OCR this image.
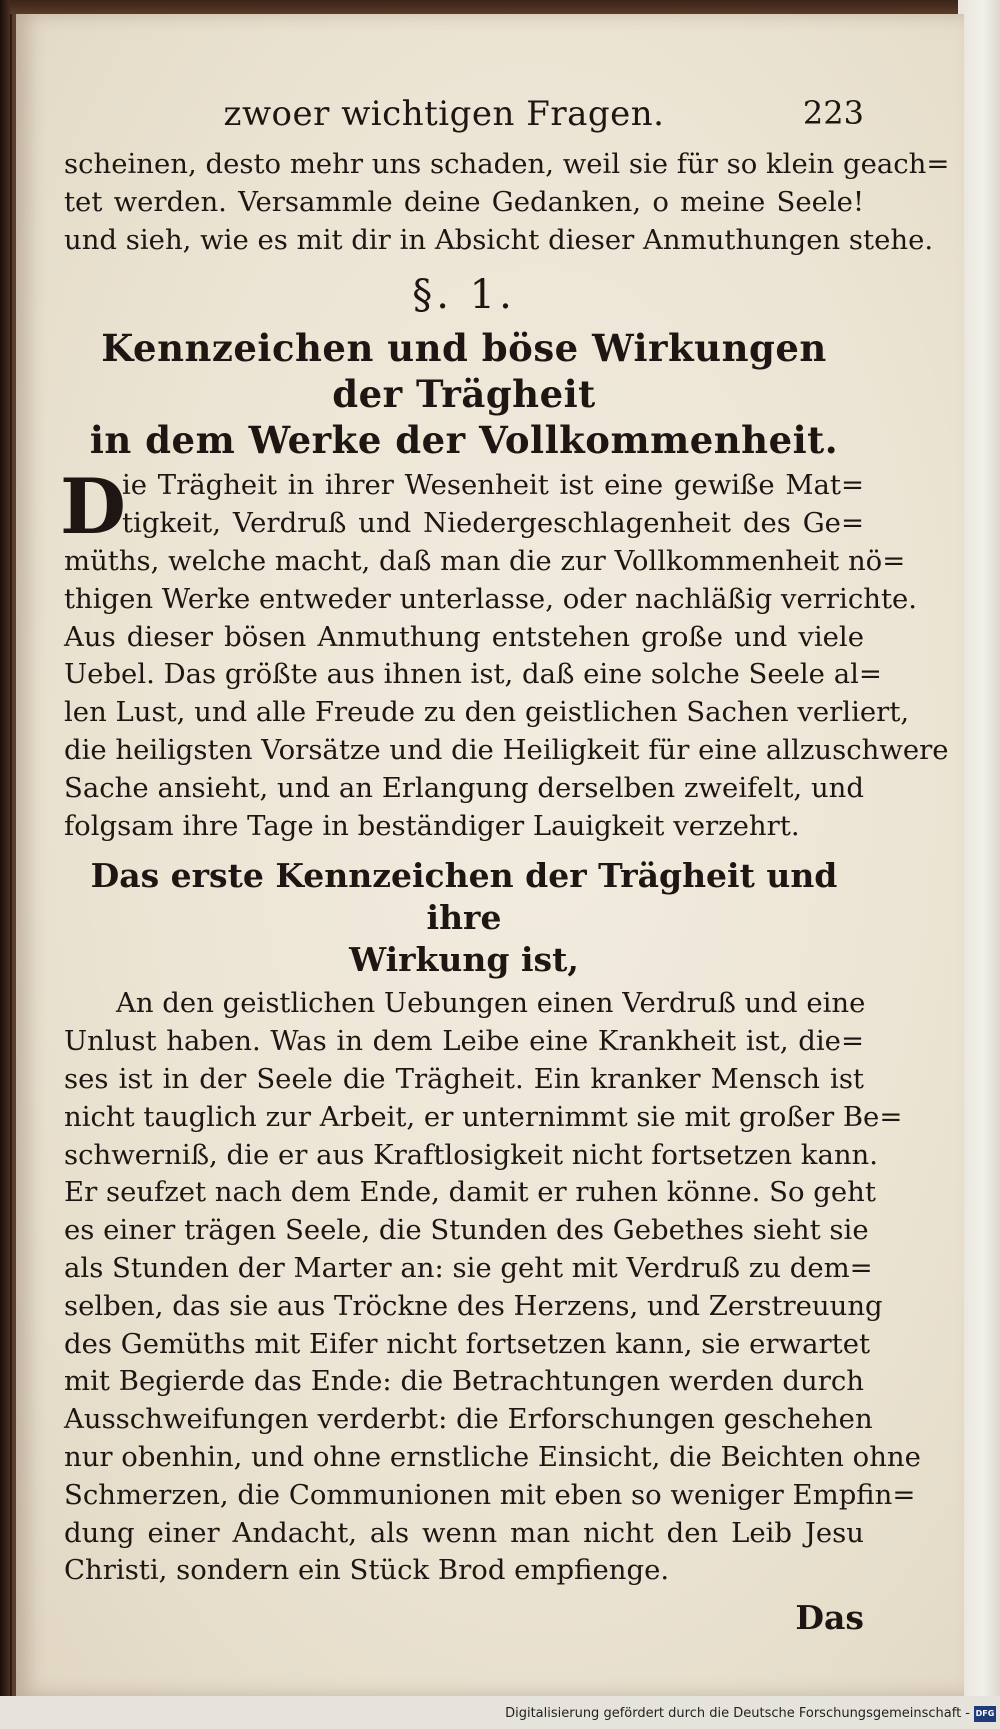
zwoer wichtigen Fragen.	223
scheinen, desto mehr uns schaden, weil sie für so klein geach=
tet werden. Versammle deine Gedanken, o meine Seele!
und sieh, wie es mit dir in Absicht dieser Anmuthungen stehe.
§. 1.
Kennzeichen und böse Wirkungen der Trägheit
in dem Werke der Vollkommenheit.
D
ie Trägheit in ihrer Wesenheit ist eine gewiße Mat=
tigkeit, Verdruß und Niedergeschlagenheit des Ge=
müths, welche macht, daß man die zur Vollkommenheit nö=
thigen Werke entweder unterlasse, oder nachläßig verrichte.
Aus dieser bösen Anmuthung entstehen große und viele
Uebel. Das größte aus ihnen ist, daß eine solche Seele al=
len Lust, und alle Freude zu den geistlichen Sachen verliert,
die heiligsten Vorsätze und die Heiligkeit für eine allzuschwere
Sache ansieht, und an Erlangung derselben zweifelt, und
folgsam ihre Tage in beständiger Lauigkeit verzehrt.
Das erste Kennzeichen der Trägheit und ihre
Wirkung ist,
An den geistlichen Uebungen einen Verdruß und eine
Unlust haben. Was in dem Leibe eine Krankheit ist, die=
ses ist in der Seele die Trägheit. Ein kranker Mensch ist
nicht tauglich zur Arbeit, er unternimmt sie mit großer Be=
schwerniß, die er aus Kraftlosigkeit nicht fortsetzen kann.
Er seufzet nach dem Ende, damit er ruhen könne. So geht
es einer trägen Seele, die Stunden des Gebethes sieht sie
als Stunden der Marter an: sie geht mit Verdruß zu dem=
selben, das sie aus Tröckne des Herzens, und Zerstreuung
des Gemüths mit Eifer nicht fortsetzen kann, sie erwartet
mit Begierde das Ende: die Betrachtungen werden durch
Ausschweifungen verderbt: die Erforschungen geschehen
nur obenhin, und ohne ernstliche Einsicht, die Beichten ohne
Schmerzen, die Communionen mit eben so weniger Empfin=
dung einer Andacht, als wenn man nicht den Leib Jesu
Christi, sondern ein Stück Brod empfienge.
Das
Digitalisierung gefördert durch die Deutsche Forschungsgemeinschaft - DFG
